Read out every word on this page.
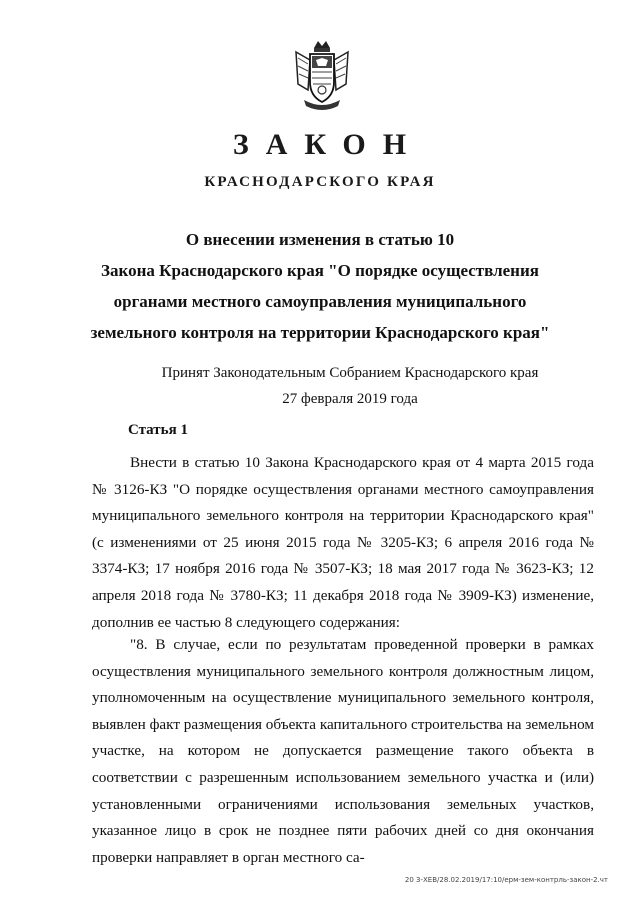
ЗАКОН
КРАСНОДАРСКОГО КРАЯ
О внесении изменения в статью 10
Закона Краснодарского края "О порядке осуществления
органами местного самоуправления муниципального
земельного контроля на территории Краснодарского края"
Принят Законодательным Собранием Краснодарского края
27 февраля 2019 года
Статья 1

Внести в статью 10 Закона Краснодарского края от 4 марта 2015 года № 3126-КЗ "О порядке осуществления органами местного самоуправления муниципального земельного контроля на территории Краснодарского края" (с изменениями от 25 июня 2015 года № 3205-КЗ; 6 апреля 2016 года № 3374-КЗ; 17 ноября 2016 года № 3507-КЗ; 18 мая 2017 года № 3623-КЗ; 12 апреля 2018 года № 3780-КЗ; 11 декабря 2018 года № 3909-КЗ) изменение, дополнив ее частью 8 следующего содержания:

"8. В случае, если по результатам проведенной проверки в рамках осуществления муниципального земельного контроля должностным лицом, уполномоченным на осуществление муниципального земельного контроля, выявлен факт размещения объекта капитального строительства на земельном участке, на котором не допускается размещение такого объекта в соответствии с разрешенным использованием земельного участка и (или) установленными ограничениями использования земельных участков, указанное лицо в срок не позднее пяти рабочих дней со дня окончания проверки направляет в орган местного са-

20 3-ХЕВ/28.02.2019/17:10/ерм-зем-контрль-закон-2.чт
